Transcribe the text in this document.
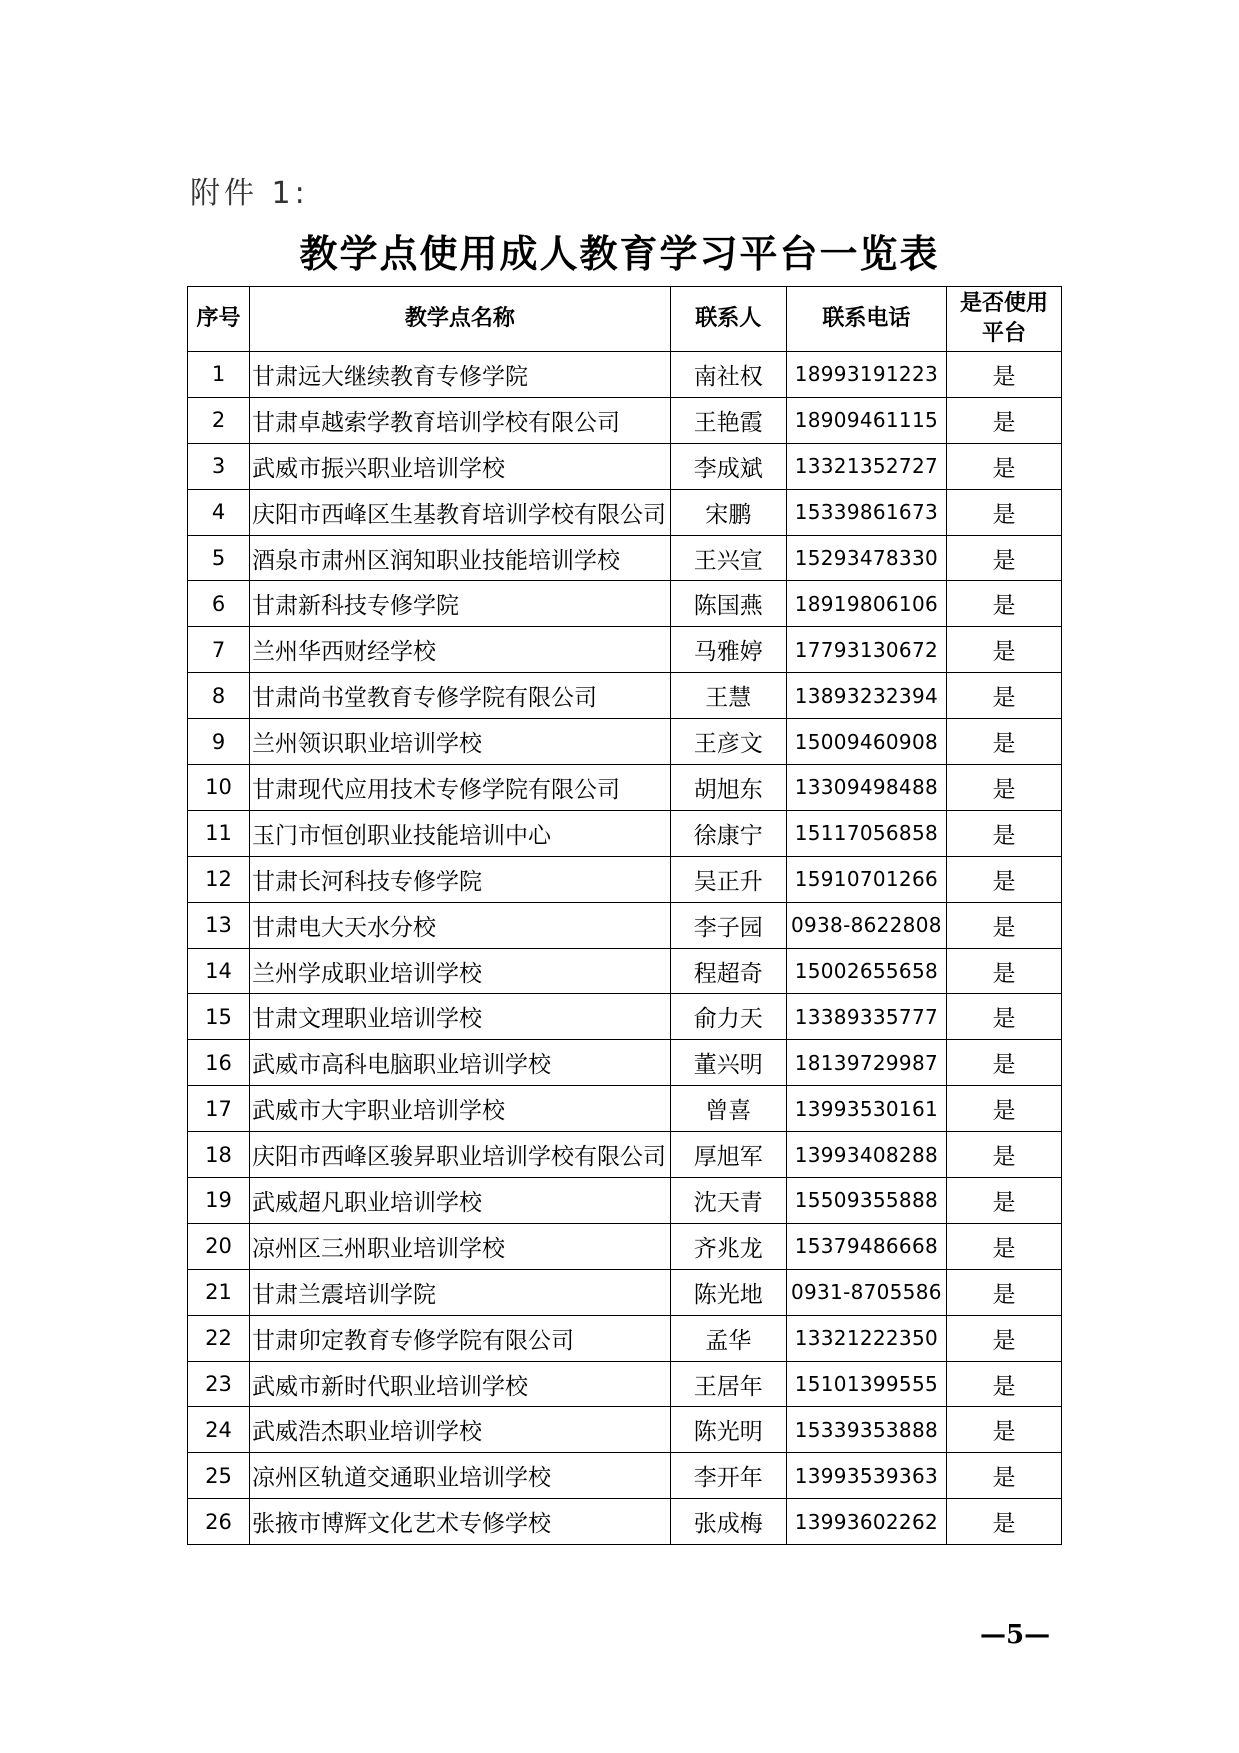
附件 1:
教学点使用成人教育学习平台一览表
序号	教学点名称	联系人	联系电话	是否使用
平台
1	甘肃远大继续教育专修学院	南社权	18993191223	是
2	甘肃卓越索学教育培训学校有限公司	王艳霞	18909461115	是
3	武威市振兴职业培训学校	李成斌	13321352727	是
4	庆阳市西峰区生基教育培训学校有限公司	宋鹏	15339861673	是
5	酒泉市肃州区润知职业技能培训学校	王兴宣	15293478330	是
6	甘肃新科技专修学院	陈国燕	18919806106	是
7	兰州华西财经学校	马雅婷	17793130672	是
8	甘肃尚书堂教育专修学院有限公司	王慧	13893232394	是
9	兰州领识职业培训学校	王彦文	15009460908	是
10	甘肃现代应用技术专修学院有限公司	胡旭东	13309498488	是
11	玉门市恒创职业技能培训中心	徐康宁	15117056858	是
12	甘肃长河科技专修学院	吴正升	15910701266	是
13	甘肃电大天水分校	李子园	0938-8622808	是
14	兰州学成职业培训学校	程超奇	15002655658	是
15	甘肃文理职业培训学校	俞力天	13389335777	是
16	武威市高科电脑职业培训学校	董兴明	18139729987	是
17	武威市大宇职业培训学校	曾喜	13993530161	是
18	庆阳市西峰区骏昇职业培训学校有限公司	厚旭军	13993408288	是
19	武威超凡职业培训学校	沈天青	15509355888	是
20	凉州区三州职业培训学校	齐兆龙	15379486668	是
21	甘肃兰震培训学院	陈光地	0931-8705586	是
22	甘肃卯定教育专修学院有限公司	孟华	13321222350	是
23	武威市新时代职业培训学校	王居年	15101399555	是
24	武威浩杰职业培训学校	陈光明	15339353888	是
25	凉州区轨道交通职业培训学校	李开年	13993539363	是
26	张掖市博辉文化艺术专修学校	张成梅	13993602262	是
—5—
